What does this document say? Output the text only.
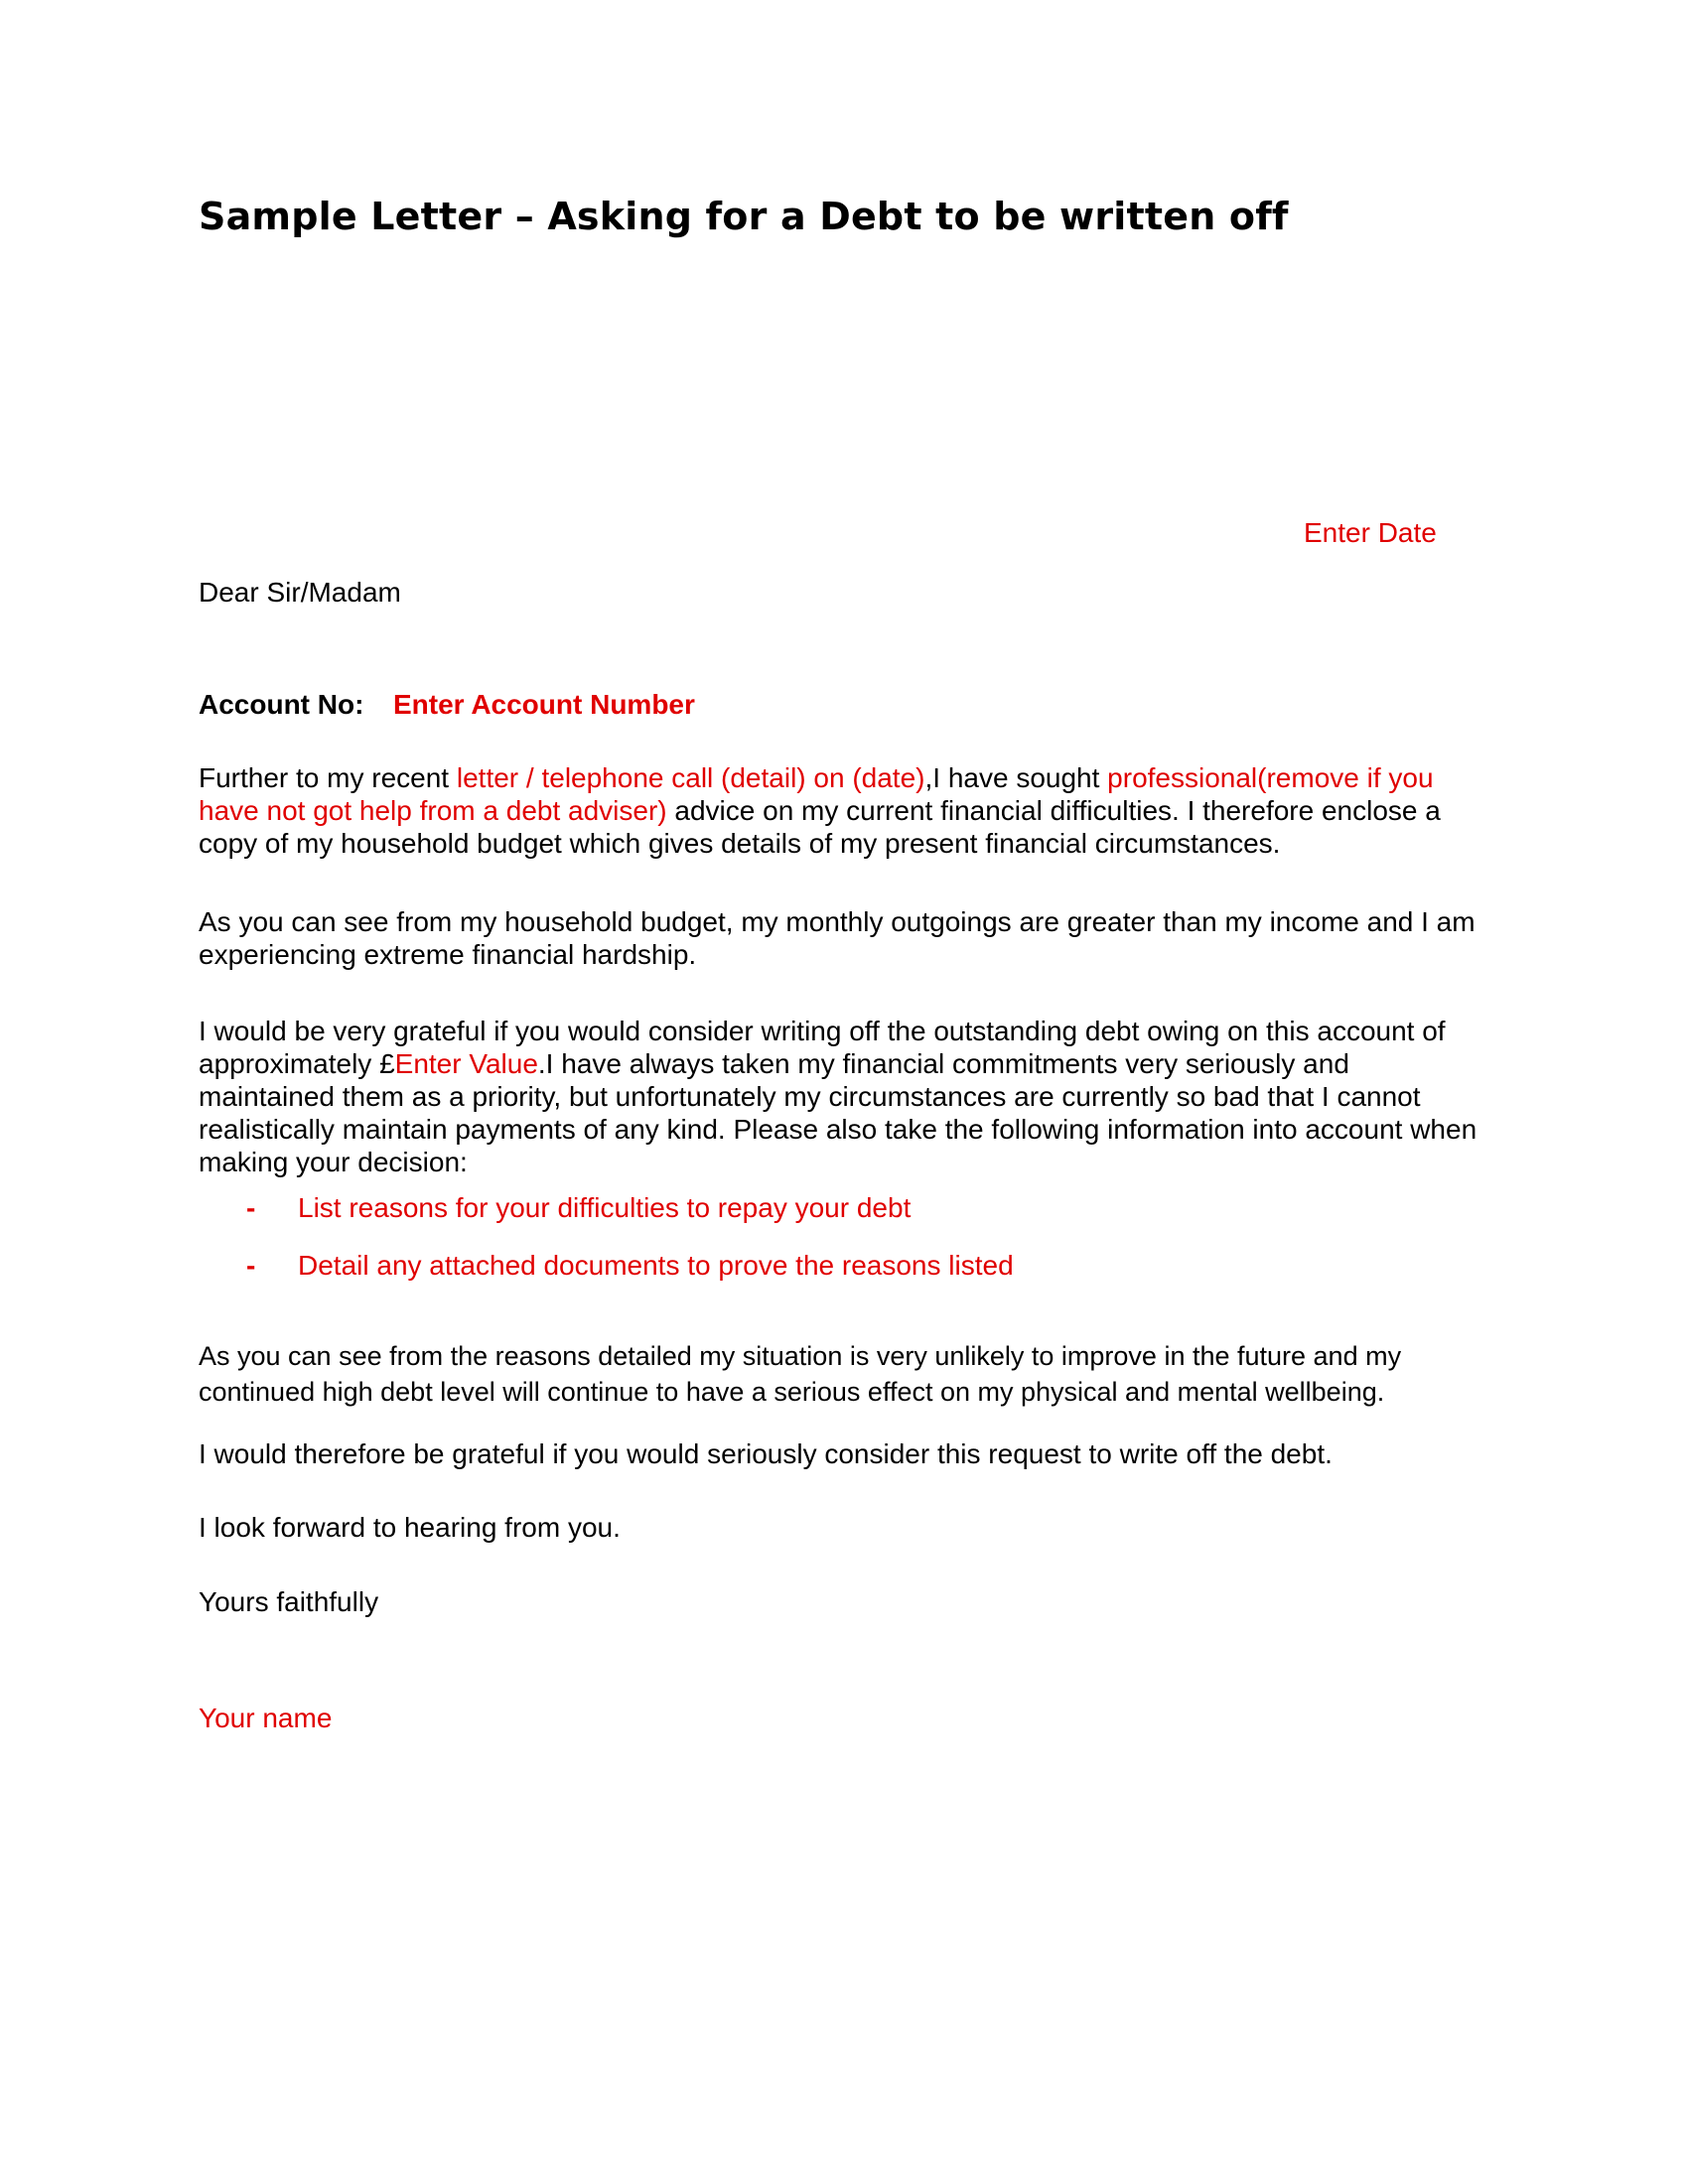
Sample Letter – Asking for a Debt to be written off
Enter Date
Dear Sir/Madam
Account No: Enter Account Number

Further to my recent letter / telephone call (detail) on (date),I have sought professional(remove if you have not got help from a debt adviser) advice on my current financial difficulties. I therefore enclose a copy of my household budget which gives details of my present financial circumstances.

As you can see from my household budget, my monthly outgoings are greater than my income and I am experiencing extreme financial hardship.

I would be very grateful if you would consider writing off the outstanding debt owing on this account of approximately £Enter Value.I have always taken my financial commitments very seriously and maintained them as a priority, but unfortunately my circumstances are currently so bad that I cannot realistically maintain payments of any kind. Please also take the following information into account when making your decision:

- List reasons for your difficulties to repay your debt
- Detail any attached documents to prove the reasons listed

As you can see from the reasons detailed my situation is very unlikely to improve in the future and my continued high debt level will continue to have a serious effect on my physical and mental wellbeing.

I would therefore be grateful if you would seriously consider this request to write off the debt.

I look forward to hearing from you.

Yours faithfully

Your name
